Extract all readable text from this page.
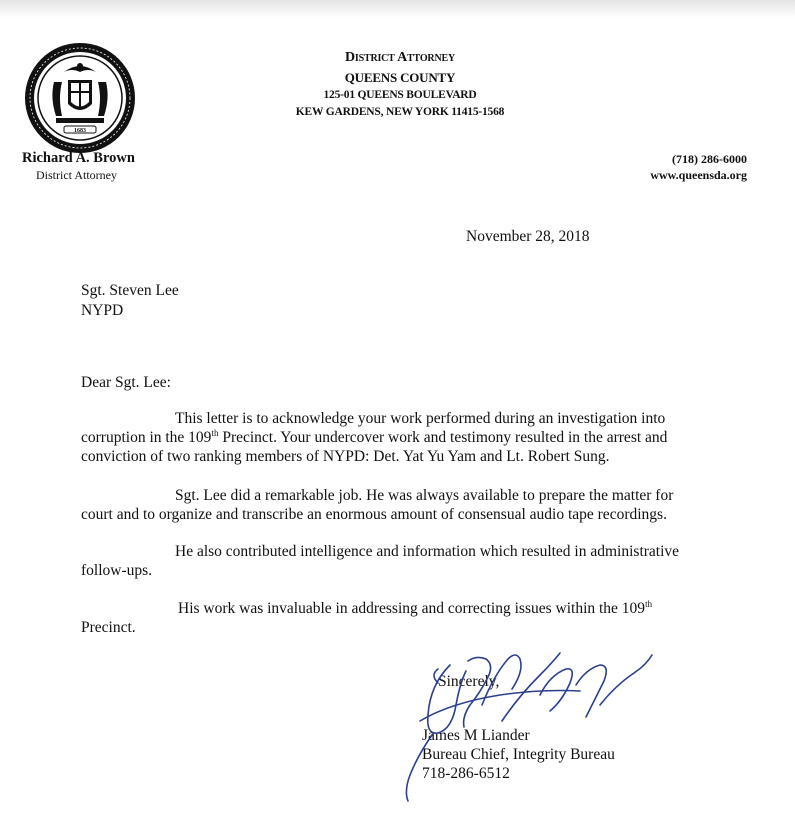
1683
District Attorney
QUEENS COUNTY
125-01 QUEENS BOULEVARD
KEW GARDENS, NEW YORK 11415-1568
Richard A. Brown
District Attorney
(718) 286-6000
www.queensda.org
November 28, 2018
Sgt. Steven Lee
NYPD
Dear Sgt. Lee:
This letter is to acknowledge your work performed during an investigation into
corruption in the 109th Precinct. Your undercover work and testimony resulted in the arrest and
conviction of two ranking members of NYPD: Det. Yat Yu Yam and Lt. Robert Sung.
Sgt. Lee did a remarkable job. He was always available to prepare the matter for
court and to organize and transcribe an enormous amount of consensual audio tape recordings.
He also contributed intelligence and information which resulted in administrative
follow-ups.
His work was invaluable in addressing and correcting issues within the 109th
Precinct.
Sincerely,
James M Liander
Bureau Chief, Integrity Bureau
718-286-6512
